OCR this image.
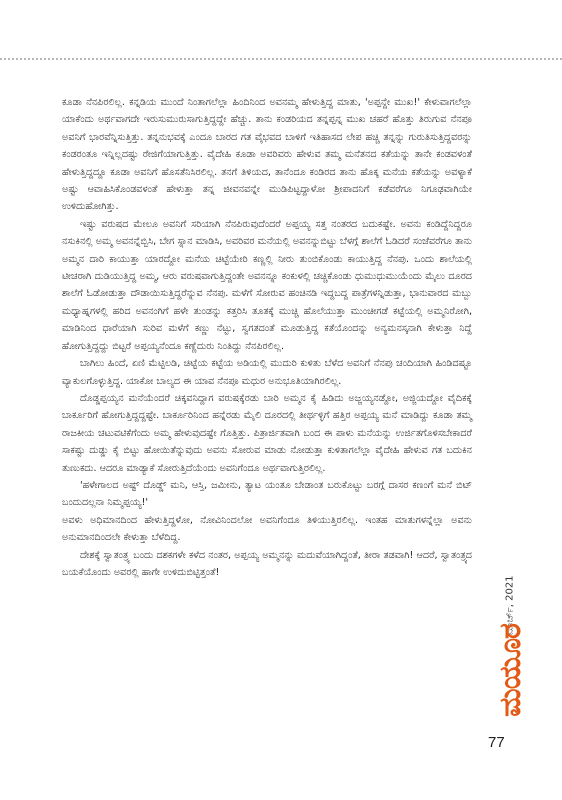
ಕೂಡಾ ನೆನಪಿರಲಿಲ್ಲ. ಕನ್ನಡಿಯ ಮುಂದೆ ನಿಂತಾಗಲೆಲ್ಲಾ ಹಿಂದಿನಿಂದ ಅವನಮ್ಮ ಹೇಳುತ್ತಿದ್ದ ಮಾತು, 'ಅಪ್ಪನ್ದೇ ಮುಖ!' ಕೇಳುವಾಗಲೆಲ್ಲಾ ಯಾಕೆಂದು ಅರ್ಥವಾಗದೇ ಇರುಸುಮುರುಸಾಗುತ್ತಿದ್ದದ್ದೇ ಹೆಚ್ಚು. ತಾನು ಕಂಡರಿಯದ ತನ್ನಪ್ಪನ್ನ ಮುಖ ಚಹರೆ ಹೊತ್ತು ತಿರುಗುವ ನೆನಪೂ ಅವನಿಗೆ ಭಾರವೆನ್ನಿಸುತ್ತಿತ್ತು. ತನ್ನನುಭವಕ್ಕೆ ಎಂದೂ ಬಾರದ ಗತ ವೈಭವದ ಬಾಳಿಗೆ ಇತಿಹಾಸದ ಲೇಪ ಹಚ್ಚಿ ತನ್ನನ್ನು ಗುರುತಿಸುತ್ತಿದ್ದವರನ್ನು ಕಂಡರಂತೂ ಇನ್ನಿಲ್ಲದಷ್ಟು ರೇಜಿಗೆಯಾಗುತ್ತಿತ್ತು. ವೈದೇಹಿ ಕೂಡಾ ಅವರಿವರು ಹೇಳುವ ತಮ್ಮ ಮನೆತನದ ಕತೆಯನ್ನು ತಾನೇ ಕಂಡವಳಂತೆ ಹೇಳುತ್ತಿದ್ದದ್ದೂ ಕೂಡಾ ಅವನಿಗೆ ಹೊಸತೆನಿಸಿರಲಿಲ್ಲ. ತನಗೆ ತಿಳಿಯದ, ತಾನೆಂದೂ ಕಂಡಿರದ ತಾನು ಹೊಕ್ಕ ಮನೆಯ ಕತೆಯನ್ನು ಅವಳ್ಯಾಕೆ ಅಷ್ಟು ಆವಾಹಿಸಿಕೊಂಡವಳಂತೆ ಹೇಳುತ್ತಾ ತನ್ನ ಜೀವನವನ್ನೇ ಮುಡಿಪಿಟ್ಟದ್ದಾಳೋ ಶ್ರೀಪಾದನಿಗೆ ಕಡೆವರೆಗೂ ನಿಗೂಢವಾಗಿಯೇ ಉಳಿದುಹೋಗಿತ್ತು.

ಇಷ್ಟು ವರುಷದ ಮೇಲೂ ಅವನಿಗೆ ಸರಿಯಾಗಿ ನೆನಪಿರುವುದೆಂದರೆ ಅಪ್ಪಯ್ಯ ಸತ್ತ ನಂತರದ ಬದುಕಷ್ಟೇ. ಅವನು ಕಂಡಿದ್ದೆನಿದ್ದರೂ ನಸುಕಿನಲ್ಲಿ ಅಮ್ಮ ಅವನನ್ನೆಬ್ಬಿಸಿ, ಬೇಗ ಸ್ನಾನ ಮಾಡಿಸಿ, ಅವರಿವರ ಮನೆಯಲ್ಲಿ ಅವನನ್ನುಬಿಟ್ಟು ಬೆಳಗ್ಗೆ ಶಾಲೆಗೆ ಓಡಿದರೆ ಸಂಜೆವರೆಗೂ ತಾನು ಅಮ್ಮನ ದಾರಿ ಕಾಯುತ್ತಾ ಯಾರದ್ದೋ ಮನೆಯ ಚಿಟ್ಟೆಯೇರಿ ಕಣ್ಣಲ್ಲಿ ನೀರು ತುಂಬಿಕೊಂಡು ಕಾಯುತ್ತಿದ್ದ ನೆನಪು. ಒಂದು ಶಾಲೆಯಲ್ಲಿ ಟೀಚರಾಗಿ ದುಡಿಯುತ್ತಿದ್ದ ಅಮ್ಮ, ಆರು ವರುಷವಾಗುತ್ತಿದ್ದಂತೇ ಅವನನ್ನೂ ಕಂಕುಳಲ್ಲಿ ಚಚ್ಚಿಕೊಂಡು ಧುಮುಧುಮುಯೆಂದು ಮೈಲು ದೂರದ ಶಾಲೆಗೆ ಓಡೋಡುತ್ತಾ ದೌಡಾಯಿಸುತ್ತಿದ್ದರೆನ್ನುವ ನೆನಪು. ಮಳೆಗೆ ಸೋರುವ ಹಂಚಿನಡಿ ಇದ್ದಬದ್ದ ಪಾತ್ರೆಗಳನ್ನಿಡುತ್ತಾ, ಭಾನುವಾರದ ಮಬ್ಬು ಮಧ್ಯಾಹ್ನಗಳಲ್ಲಿ ಹರಿದ ಅವನಂಗಿಗೆ ಹಳೇ ತುಂಡನ್ನು ಕತ್ತರಿಸಿ ತೂತಕ್ಕೆ ಮುಚ್ಚಿ ಹೊಲೆಯುತ್ತಾ ಮುಂಚೀಗಡೆ ಕಟ್ಟೆಯಲ್ಲಿ ಅಮ್ಮನಿರೋಗಿ, ಮಾಡಿನಿಂದ ಧಾರೆಯಾಗಿ ಸುರಿವ ಮಳೆಗೆ ಕಣ್ಣು ನೆಟ್ಟು, ಸ್ವಗತದಂತೆ ಮೂಡುತ್ತಿದ್ದ ಕತೆಯೊಂದನ್ನು ಅನ್ಯಮನಸ್ಕನಾಗಿ ಕೇಳುತ್ತಾ ನಿದ್ದೆ ಹೋಗುತ್ತಿದ್ದದ್ದು ಬಿಟ್ಟರೆ ಅಪ್ಪಯ್ಯನೆಂದೂ ಕಣ್ಣೆದುರು ನಿಂತಿದ್ದು ನೆನಪಿರಲಿಲ್ಲ.

ಬಾಗಿಲು ಹಿಂದೆ, ಏಣಿ ಮೆಟ್ಟಿಲಡಿ, ಚಿಟ್ಟೆಯ ಕಟ್ಟೆಯ ಅಡಿಯಲ್ಲಿ ಮುದುರಿ ಕುಳಿತು ಬೆಳೆದ ಅವನಿಗೆ ನೆನಪು ಚಂದಿಯಾಗಿ ಹಿಂಡಿದಷ್ಟೂ ವ್ಯಾಕುಲಗೊಳ್ಳುತ್ತಿದ್ದ. ಯಾಕೋ ಬಾಲ್ಯದ ಈ ಯಾವ ನೆನಪೂ ಮಧುರ ಅನುಭೂತಿಯಾಗಿರಲಿಲ್ಲ.

ದೊಡ್ಡಪ್ಪಯ್ಯನ ಮನೆಯೆಂದರೆ ಚಿಕ್ಕವನಿದ್ದಾಗ ವರುಷಕ್ಕೆರಡು ಬಾರಿ ಅಮ್ಮನ ಕೈ ಹಿಡಿದು ಅಜ್ಜಯ್ಯನಡ್ದೋ, ಅಜ್ಜಿಯದ್ದೋ ವೈದಿಕಕ್ಕೆ ಬಾರ್ಕೂರಿಗೆ ಹೋಗುತ್ತಿದ್ದದ್ದಷ್ಟೇ. ಬಾರ್ಕೂರಿನಿಂದ ಹನ್ನೆರಡು ಮೈಲಿ ದೂರದಲ್ಲಿ ತೀರ್ಥಳ್ಳಿಗೆ ಹತ್ತಿರ ಅಪ್ಪಯ್ಯ ಮನೆ ಮಾಡಿದ್ದು ಕೂಡಾ ತಮ್ಮ ರಾಜಕೀಯ ಚಟುವಟಿಕೆಗೆಂದು ಅಮ್ಮ ಹೇಳುವುದಷ್ಟೇ ಗೊತ್ತಿತ್ತು. ಪಿತ್ರಾರ್ಜಿತವಾಗಿ ಬಂದ ಈ ಪಾಳು ಮನೆಯನ್ನು ಉರ್ಜಿತಗೊಳಿಸಬೇಕಾದರೆ ಸಾಕಷ್ಟು ದುಡ್ಡು ಕೈ ಬಿಟ್ಟು ಹೋಯಿತೆನ್ನುವುದು ಅವನು ಸೋರುವ ಮಾಡು ನೋಡುತ್ತಾ ಕುಳಿತಾಗಲೆಲ್ಲಾ ವೈದೇಹಿ ಹೇಳುವ ಗತ ಬದುಕಿನ ತುಣುಕದು. ಆದರೂ ಮಾಡ್ಯಾಕೆ ಸೋರುತ್ತಿದೆಯೆಂದು ಅವನಿಗೆಂದೂ ಅರ್ಥವಾಗುತ್ತಿರಲಿಲ್ಲ.

'ಹಳೇಗಾಲದ ಅಷ್ಟ್ ದೊಡ್ಡ್ ಮನಿ, ಆಸ್ತಿ, ಜಮೀನು, ತ್ಯಾಟ ಯಂತೂ ಬೇಡಾಂತ ಬರುಕೊಟ್ಟು ಬರಗ್ಗೆ ದಾಸರ ಕಣಂಗೆ ಮನೆ ಬಿಟ್ ಬಂದುದಲ್ಲನಾ ನಿಮ್ಮಪ್ಪಯ್ಯ!'

ಅವಳು ಅಧಿಮಾನದಿಂದ ಹೇಳುತ್ತಿದ್ದಳೋ, ನೋವಿನಿಂದಲೋ ಅವನಿಗೆಂದೂ ತಿಳಿಯುತ್ತಿರಲಿಲ್ಲ. ಇಂತಹ ಮಾತುಗಳನ್ನೆಲ್ಲಾ ಅವನು ಅನುಮಾನದಿಂದಲೇ ಕೇಳುತ್ತಾ ಬೆಳೆದಿದ್ದ.

ದೇಶಕ್ಕೆ ಸ್ವಾತಂತ್ರ್ಯ ಬಂದು ದಶಕಗಳೇ ಕಳೆದ ನಂತರ, ಅಪ್ಪಯ್ಯ ಅಮ್ಮನನ್ನು ಮದುವೆಯಾಗಿದ್ದಂತೆ, ತೀರಾ ತಡವಾಗಿ! ಆದರೆ, ಸ್ವಾತಂತ್ರ್ಯದ ಬಯಕೆಯೊಂದು ಅವರಲ್ಲಿ ಹಾಗೇ ಉಳಿದುಬಿಟ್ಟಿತ್ತಂತೆ!

ಮಾರ್ಚ್, 2021
ಮಯೂರ
77
